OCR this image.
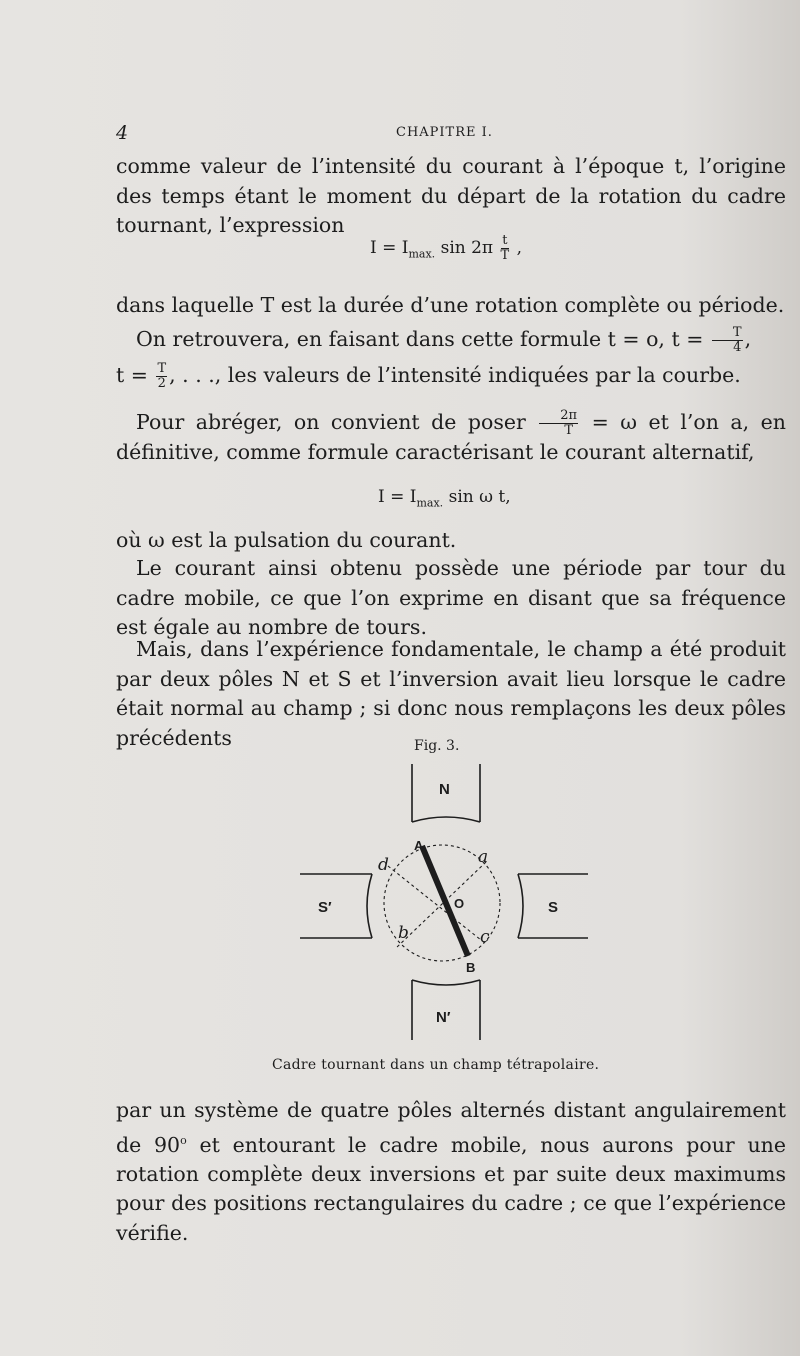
4	CHAPITRE I.

comme valeur de l’intensité du courant à l’époque t, l’origine des temps étant le moment du départ de la rotation du cadre tournant, l’expression

$I = I_{max.}$ $\sin 2\pi \frac{t}{T}$ ,

dans laquelle T est la durée d’une rotation complète ou période.

On retrouvera, en faisant dans cette formule t = o, $t = \frac{T}{4}$ ,

$t = \frac{T}{2}$ , . . ., les valeurs de l’intensité indiquées par la courbe.

Pour abréger, on convient de poser $\frac{2\pi}{T} = \omega$ et l’on a, en définitive, comme formule caractérisant le courant alternatif,

$I = I_{max.}$ sin ω t,

où ω est la pulsation du courant.

Le courant ainsi obtenu possède une période par tour du cadre mobile, ce que l’on exprime en disant que sa fréquence est égale au nombre de tours.

Mais, dans l’expérience fondamentale, le champ a été produit par deux pôles N et S et l’inversion avait lieu lorsque le cadre était normal au champ ; si donc nous remplaçons les deux pôles précédents	Fig. 3.
N
N′
S′	S
A
B
O
a
b	c
d
Cadre tournant dans un champ tétrapolaire.

par un système de quatre pôles alternés distant angulairement de 90$^o$ et entourant le cadre mobile, nous aurons pour une rotation complète deux inversions et par suite deux maximums pour des positions rectangulaires du cadre ; ce que l’expérience vérifie.
